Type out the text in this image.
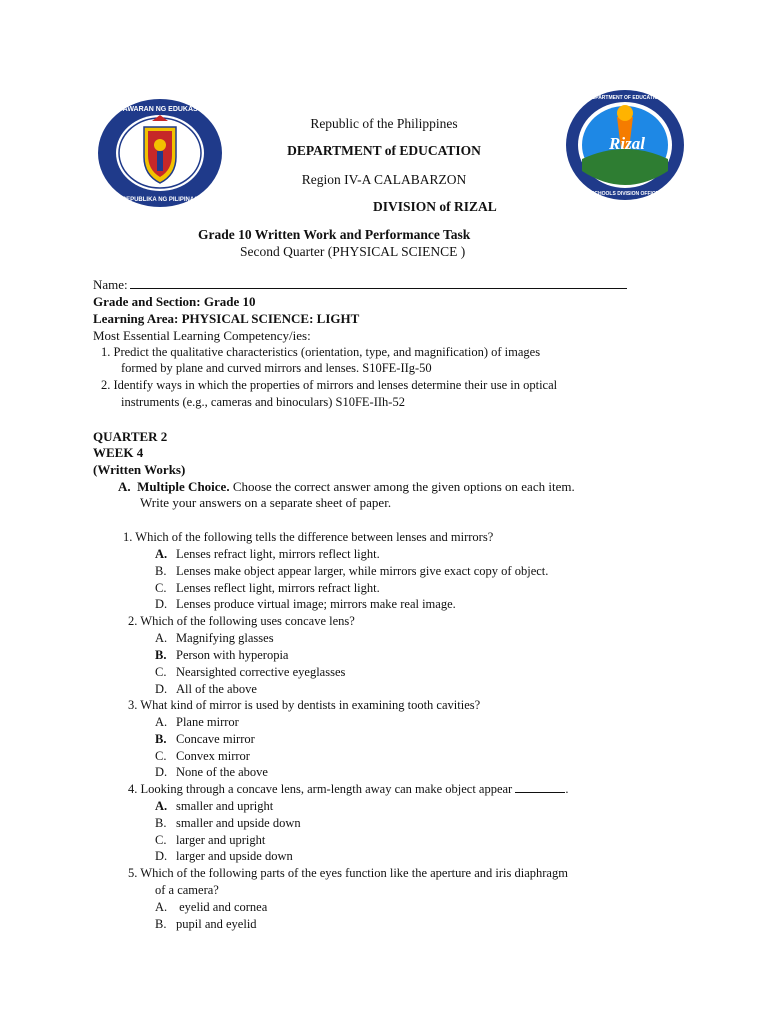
KAGAWARAN NG EDUKASYON
REPUBLIKA NG PILIPINAS
Rizal
DEPARTMENT OF EDUCATION
SCHOOLS DIVISION OFFICE
Republic of the Philippines
DEPARTMENT of EDUCATION
Region IV-A CALABARZON
DIVISION of RIZAL
Grade 10 Written Work and Performance Task
Second Quarter (PHYSICAL SCIENCE )
Name:
Grade and Section: Grade 10
Learning Area: PHYSICAL SCIENCE: LIGHT
Most Essential Learning Competency/ies:
1. Predict the qualitative characteristics (orientation, type, and magnification) of images
formed by plane and curved mirrors and lenses. S10FE-IIg-50
2. Identify ways in which the properties of mirrors and lenses determine their use in optical
instruments (e.g., cameras and binoculars) S10FE-IIh-52
QUARTER 2
WEEK 4
(Written Works)
A. Multiple Choice. Choose the correct answer among the given options on each item.
Write your answers on a separate sheet of paper.
1. Which of the following tells the difference between lenses and mirrors?
A. Lenses refract light, mirrors reflect light.
B. Lenses make object appear larger, while mirrors give exact copy of object.
C. Lenses reflect light, mirrors refract light.
D. Lenses produce virtual image; mirrors make real image.
2. Which of the following uses concave lens?
A. Magnifying glasses
B. Person with hyperopia
C. Nearsighted corrective eyeglasses
D. All of the above
3. What kind of mirror is used by dentists in examining tooth cavities?
A. Plane mirror
B. Concave mirror
C. Convex mirror
D. None of the above
4. Looking through a concave lens, arm-length away can make object appear	.
A. smaller and upright
B. smaller and upside down
C. larger and upright
D. larger and upside down
5. Which of the following parts of the eyes function like the aperture and iris diaphragm
of a camera?
A. eyelid and cornea
B. pupil and eyelid
